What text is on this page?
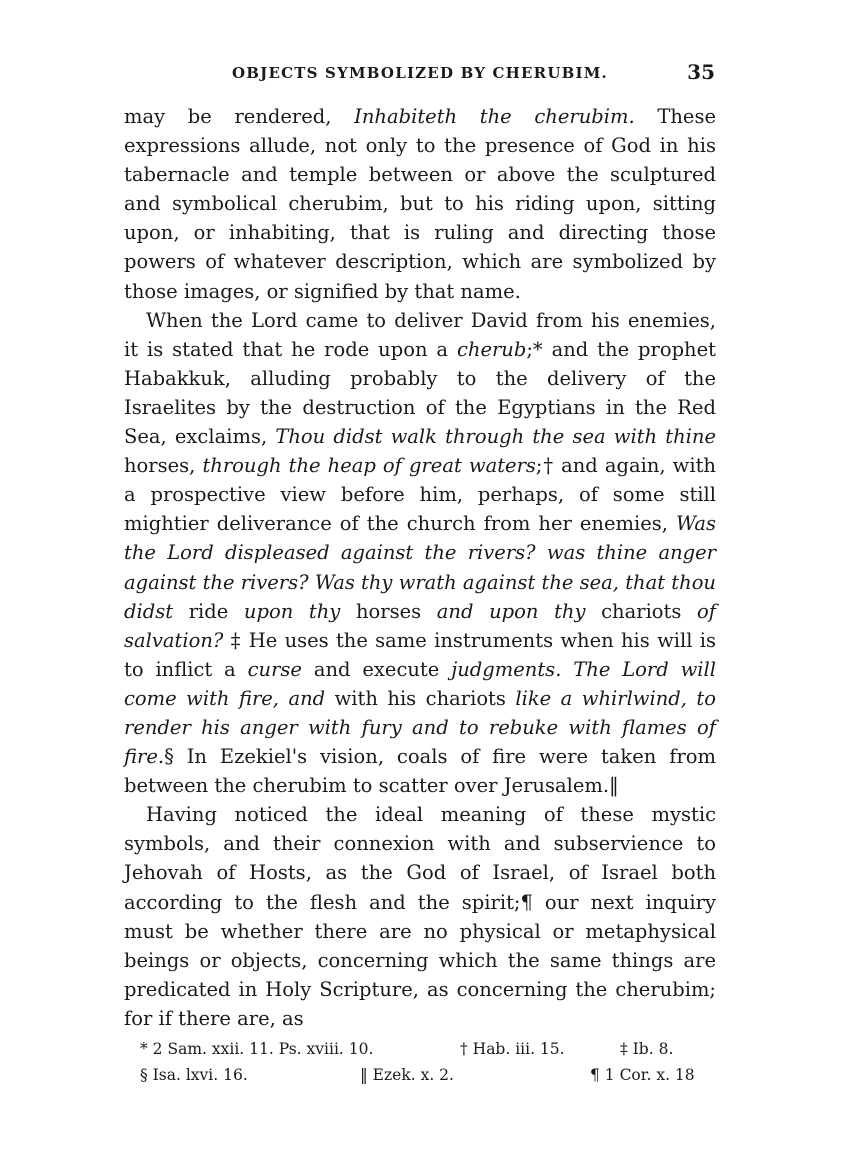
OBJECTS SYMBOLIZED BY CHERUBIM.	35

may be rendered, Inhabiteth the cherubim. These expressions allude, not only to the presence of God in his tabernacle and temple between or above the sculptured and symbolical cherubim, but to his riding upon, sitting upon, or inhabiting, that is ruling and directing those powers of whatever description, which are symbolized by those images, or signified by that name.

When the Lord came to deliver David from his enemies, it is stated that he rode upon a cherub;* and the prophet Habakkuk, alluding probably to the delivery of the Israelites by the destruction of the Egyptians in the Red Sea, exclaims, Thou didst walk through the sea with thine horses, through the heap of great waters;† and again, with a prospective view before him, perhaps, of some still mightier deliverance of the church from her enemies, Was the Lord displeased against the rivers? was thine anger against the rivers? Was thy wrath against the sea, that thou didst ride upon thy horses and upon thy chariots of salvation? ‡ He uses the same instruments when his will is to inflict a curse and execute judgments. The Lord will come with fire, and with his chariots like a whirlwind, to render his anger with fury and to rebuke with flames of fire.§ In Ezekiel's vision, coals of fire were taken from between the cherubim to scatter over Jerusalem.‖

Having noticed the ideal meaning of these mystic symbols, and their connexion with and subservience to Jehovah of Hosts, as the God of Israel, of Israel both according to the flesh and the spirit;¶ our next inquiry must be whether there are no physical or metaphysical beings or objects, concerning which the same things are predicated in Holy Scripture, as concerning the cherubim; for if there are, as

* 2 Sam. xxii. 11. Ps. xviii. 10.	† Hab. iii. 15.	‡ Ib. 8.
§ Isa. lxvi. 16.	‖ Ezek. x. 2.	¶ 1 Cor. x. 18
